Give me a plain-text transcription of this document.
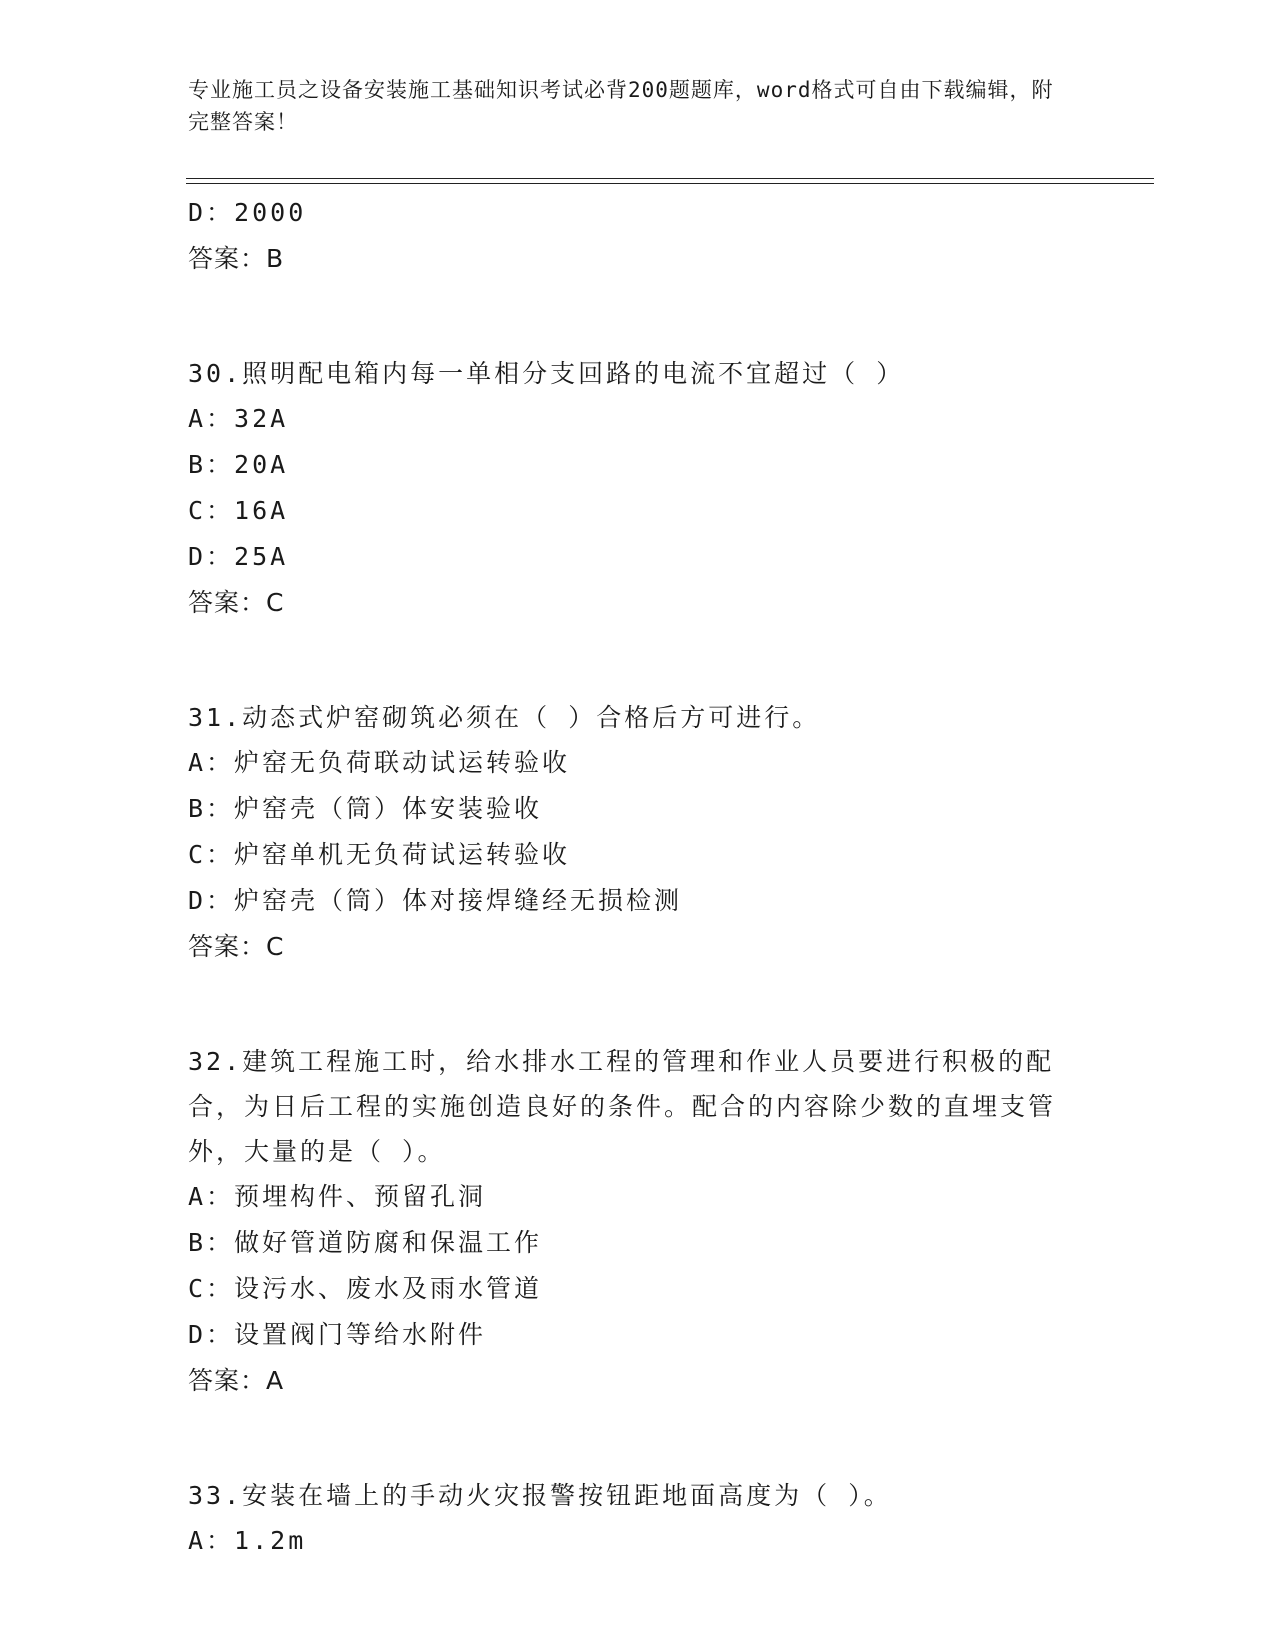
专业施工员之设备安装施工基础知识考试必背200题题库，word格式可自由下载编辑，附完整答案！
D：2000
答案：B
30.照明配电箱内每一单相分支回路的电流不宜超过（ ）
A：32A
B：20A
C：16A
D：25A
答案：C
31.动态式炉窑砌筑必须在（ ）合格后方可进行。
A：炉窑无负荷联动试运转验收
B：炉窑壳（筒）体安装验收
C：炉窑单机无负荷试运转验收
D：炉窑壳（筒）体对接焊缝经无损检测
答案：C
32.建筑工程施工时，给水排水工程的管理和作业人员要进行积极的配合，为日后工程的实施创造良好的条件。配合的内容除少数的直埋支管外，大量的是（ ）。
A：预埋构件、预留孔洞
B：做好管道防腐和保温工作
C：设污水、废水及雨水管道
D：设置阀门等给水附件
答案：A
33.安装在墙上的手动火灾报警按钮距地面高度为（ ）。
A：1.2m
